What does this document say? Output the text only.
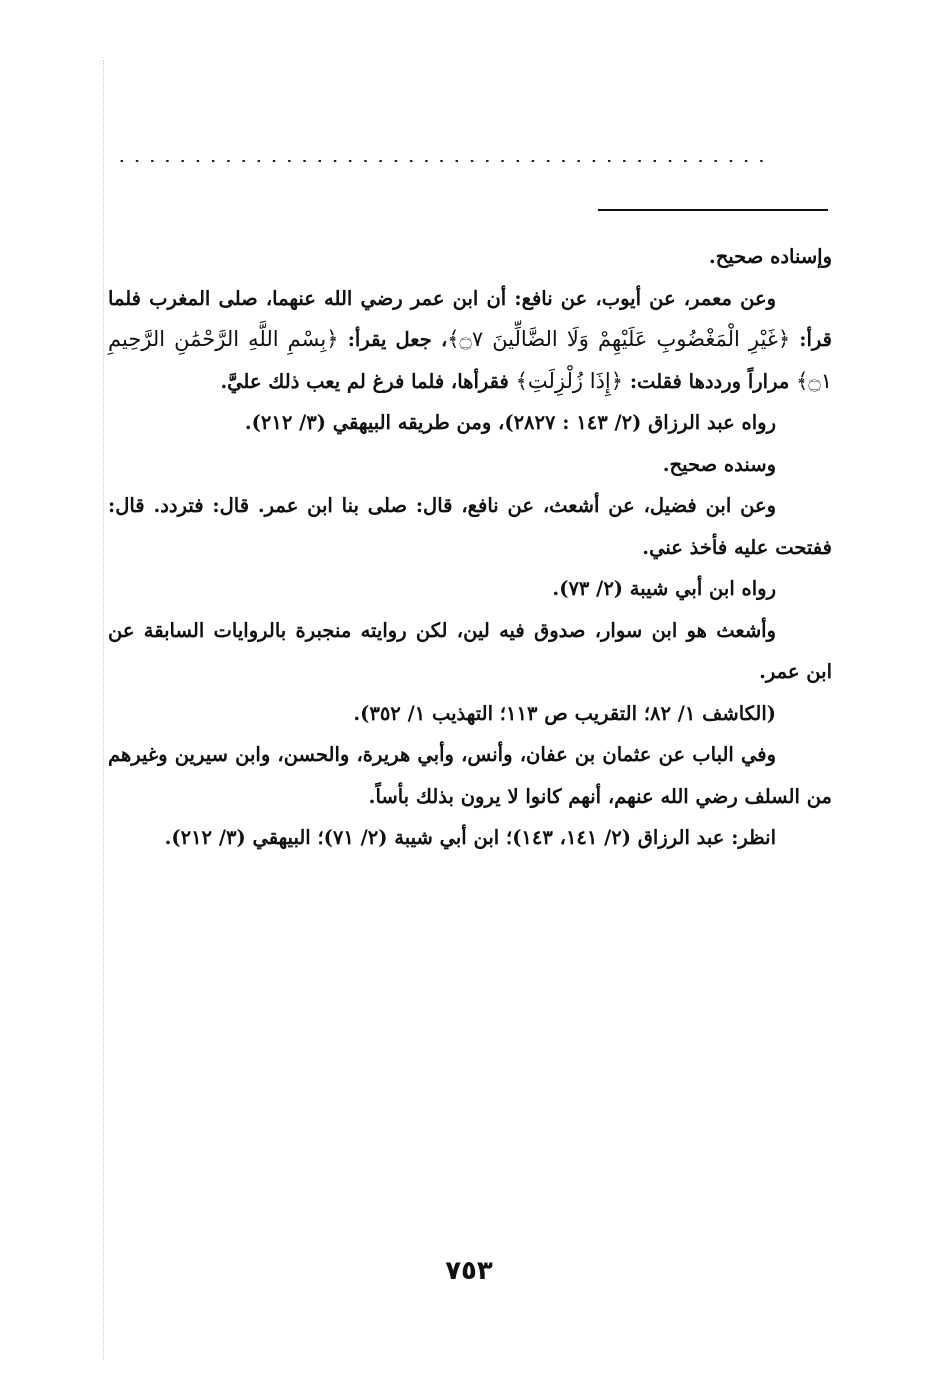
...........................................

وإسناده صحيح.

وعن معمر، عن أيوب، عن نافع: أن ابن عمر رضي الله عنهما، صلى المغرب فلما قرأ: ﴿غَيْرِ الْمَغْضُوبِ عَلَيْهِمْ وَلَا الضَّالِّينَ ۝٧﴾، جعل يقرأ: ﴿بِسْمِ اللَّهِ الرَّحْمَٰنِ الرَّحِيمِ ۝١﴾ مراراً ورددها فقلت: ﴿إِذَا زُلْزِلَتِ﴾ فقرأها، فلما فرغ لم يعب ذلك عليَّ.

رواه عبد الرزاق (٢/ ١٤٣ : ٢٨٢٧)، ومن طريقه البيهقي (٣/ ٢١٢).

وسنده صحيح.

وعن ابن فضيل، عن أشعث، عن نافع، قال: صلى بنا ابن عمر. قال: فتردد. قال: ففتحت عليه فأخذ عني.

رواه ابن أبي شيبة (٢/ ٧٣).

وأشعث هو ابن سوار، صدوق فيه لين، لكن روايته منجبرة بالروايات السابقة عن ابن عمر.

(الكاشف ١/ ٨٢؛ التقريب ص ١١٣؛ التهذيب ١/ ٣٥٢).

وفي الباب عن عثمان بن عفان، وأنس، وأبي هريرة، والحسن، وابن سيرين وغيرهم من السلف رضي الله عنهم، أنهم كانوا لا يرون بذلك بأساً.

انظر: عبد الرزاق (٢/ ١٤١، ١٤٣)؛ ابن أبي شيبة (٢/ ٧١)؛ البيهقي (٣/ ٢١٢).

٧٥٣
